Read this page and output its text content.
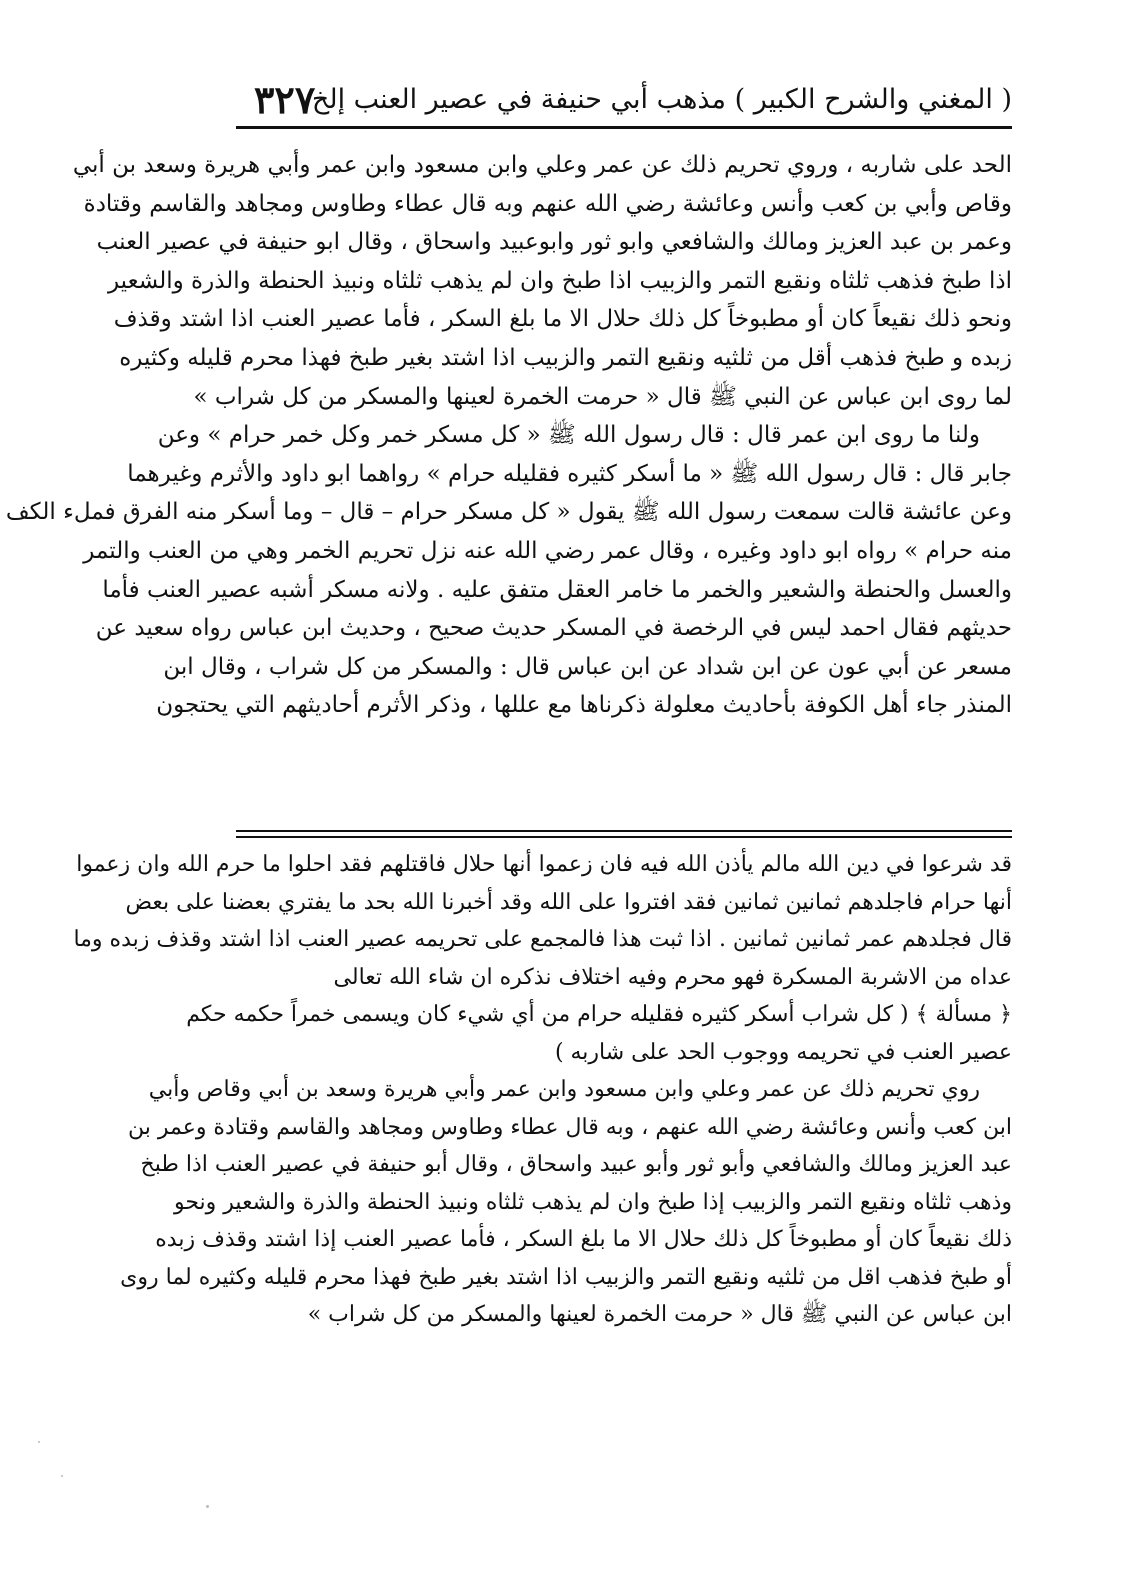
( المغني والشرح الكبير ) مذهب أبي حنيفة في عصير العنب إلخ
٣٢٧
الحد على شاربه ، وروي تحريم ذلك عن عمر وعلي وابن مسعود وابن عمر وأبي هريرة وسعد بن أبي
وقاص وأبي بن كعب وأنس وعائشة رضي الله عنهم وبه قال عطاء وطاوس ومجاهد والقاسم وقتادة
وعمر بن عبد العزيز ومالك والشافعي وابو ثور وابوعبيد واسحاق ، وقال ابو حنيفة في عصير العنب
اذا طبخ فذهب ثلثاه ونقيع التمر والزبيب اذا طبخ وان لم يذهب ثلثاه ونبيذ الحنطة والذرة والشعير
ونحو ذلك نقيعاً كان أو مطبوخاً كل ذلك حلال الا ما بلغ السكر ، فأما عصير العنب اذا اشتد وقذف
زبده و طبخ فذهب أقل من ثلثيه ونقيع التمر والزبيب اذا اشتد بغير طبخ فهذا محرم قليله وكثيره
لما روى ابن عباس عن النبي ﷺ قال « حرمت الخمرة لعينها والمسكر من كل شراب »
ولنا ما روى ابن عمر قال : قال رسول الله ﷺ « كل مسكر خمر وكل خمر حرام » وعن
جابر قال : قال رسول الله ﷺ « ما أسكر كثيره فقليله حرام » رواهما ابو داود والأثرم وغيرهما
وعن عائشة قالت سمعت رسول الله ﷺ يقول « كل مسكر حرام – قال – وما أسكر منه الفرق فملء الكف
منه حرام » رواه ابو داود وغيره ، وقال عمر رضي الله عنه نزل تحريم الخمر وهي من العنب والتمر
والعسل والحنطة والشعير والخمر ما خامر العقل متفق عليه . ولانه مسكر أشبه عصير العنب فأما
حديثهم فقال احمد ليس في الرخصة في المسكر حديث صحيح ، وحديث ابن عباس رواه سعيد عن
مسعر عن أبي عون عن ابن شداد عن ابن عباس قال : والمسكر من كل شراب ، وقال ابن
المنذر جاء أهل الكوفة بأحاديث معلولة ذكرناها مع عللها ، وذكر الأثرم أحاديثهم التي يحتجون
قد شرعوا في دين الله مالم يأذن الله فيه فان زعموا أنها حلال فاقتلهم فقد احلوا ما حرم الله وان زعموا
أنها حرام فاجلدهم ثمانين ثمانين فقد افتروا على الله وقد أخبرنا الله بحد ما يفتري بعضنا على بعض
قال فجلدهم عمر ثمانين ثمانين . اذا ثبت هذا فالمجمع على تحريمه عصير العنب اذا اشتد وقذف زبده وما
عداه من الاشربة المسكرة فهو محرم وفيه اختلاف نذكره ان شاء الله تعالى
﴿ مسألة ﴾ ( كل شراب أسكر كثيره فقليله حرام من أي شيء كان ويسمى خمراً حكمه حكم
عصير العنب في تحريمه ووجوب الحد على شاربه )
روي تحريم ذلك عن عمر وعلي وابن مسعود وابن عمر وأبي هريرة وسعد بن أبي وقاص وأبي
ابن كعب وأنس وعائشة رضي الله عنهم ، وبه قال عطاء وطاوس ومجاهد والقاسم وقتادة وعمر بن
عبد العزيز ومالك والشافعي وأبو ثور وأبو عبيد واسحاق ، وقال أبو حنيفة في عصير العنب اذا طبخ
وذهب ثلثاه ونقيع التمر والزبيب إذا طبخ وان لم يذهب ثلثاه ونبيذ الحنطة والذرة والشعير ونحو
ذلك نقيعاً كان أو مطبوخاً كل ذلك حلال الا ما بلغ السكر ، فأما عصير العنب إذا اشتد وقذف زبده
أو طبخ فذهب اقل من ثلثيه ونقيع التمر والزبيب اذا اشتد بغير طبخ فهذا محرم قليله وكثيره لما روى
ابن عباس عن النبي ﷺ قال « حرمت الخمرة لعينها والمسكر من كل شراب »
